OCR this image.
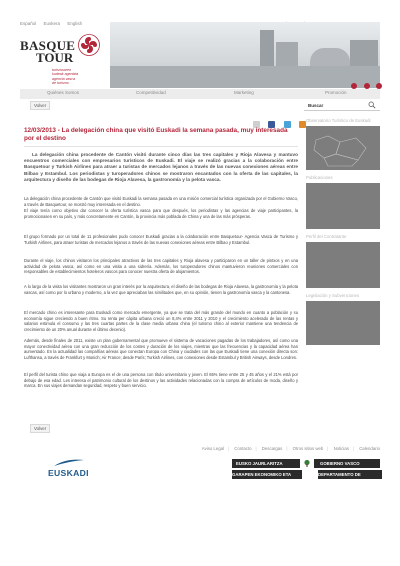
Español Euskera English
BASQUE
TOUR
turismoaren
kudeak agentzia
agencia vasca
de turismo

Quiénes Somos	Competitividad	Marketing	Promoción
Volver
	Buscar
Observatorio Turístico de Euskadi
Publicaciones
Perfil del Contratante
Legislación y Subvenciones
12/03/2013 - La delegación china que visitó Euskadi la semana pasada, muy interesada por el destino
La delegación china procedente de Cantón visitó durante cinco días las tres capitales y Rioja Alavesa y mantuvo encuentros comerciales con empresarios turísticos de Euskadi. El viaje se realizó gracias a la colaboración entre Basquetour y Turkish Airlines para atraer a turistas de mercados lejanos a través de las nuevas conexiones aéreas entre Bilbao y Estambul. Los periodistas y turoperadores chinos se mostraron encantados con la oferta de las capitales, la arquitectura y diseño de las bodegas de Rioja Alavesa, la gastronomía y la pelota vasca.
La delegación china procedente de Cantón que visitó Euskadi la semana pasada en una misión comercial turística organizada por el Gobierno Vasco, a través de Basquetour, se mostró muy interesada en el destino.
El viaje tenía como objetivo dar conocer la oferta turística vasca para que después, los periodistas y las agencias de viaje participantes, la promocionasen en su país, y más concretamente en Cantón, la provincia más poblada de China y una de las más prósperas.
El grupo formado por un total de 11 profesionales pudo conocer Euskadi gracias a la colaboración entre Basquetour- Agencia Vasca de Turismo y Turkish Airlines, para atraer turistas de mercados lejanos a través de las nuevas conexiones aéreas entre Bilbao y Estambul.
Durante el viaje, los chinos visitaron los principales atractivos de las tres capitales y Rioja alavesa y participaron en un taller de pintxos y en una actividad de pelota vasca, así como en una visita a una sidrería. Además, los turoperadores chinos mantuvieron reuniones comerciales con responsables de establecimientos hoteleros vascos para conocer nuestra oferta de alojamientos.
A lo largo de la visita los visitantes mostraron un gran interés por la arquitectura, el diseño de las bodegas de Rioja Alavesa, la gastronomía y la pelota vascas, así como por lo urbano y moderno, a la vez que apreciaban las similitudes que, en su opinión, tienen la gastronomía vasca y la cantonesa.
El mercado chino es interesante para Euskadi como mercado emergente, ya que se trata del más grande del mundo en cuanto a población y su economía sigue creciendo a buen ritmo. Su renta per cápita urbana creció un 8,4% entre 2011 y 2010 y el crecimiento acelerado de las rentas y salarios estimula el consumo y las tres cuartas partes de la clase media urbana china (el turismo chino al exterior mantiene una tendencia de crecimiento de un 20% anual durante el último decenio).
Además, desde finales de 2011, existe un plan gubernamental que promueve el sistema de vacaciones pagadas de los trabajadores, así como una mayor conectividad aérea con una gran reducción de los costes y duración de los viajes, mientras que las frecuencias y la capacidad aérea han aumentado. En la actualidad las compañías aéreas que conectan Europa con China y ciudades con las que Euskadi tiene una conexión directa son: Lufthansa, a través de Frankfurt y Munich; Air France; desde París; Turkish Airlines, con conexiones desde Estambul y British Airways, desde Londres.
El perfil del turista chino que viaja a Europa es el de una persona con título universitario y joven. El 65% tiene entre 25 y 45 años y el 21% está por debajo de esa edad. Les interesa el patrimonio cultural de los destinos y las actividades relacionadas con la compra de artículos de moda, diseño y marca. En sus viajes demandan seguridad, respeto y buen servicio.
Volver
Aviso Legal | Contacto | Descargas | Otros sitios web | Noticias | Calendario
EUSKADI
EUSKO JAURLARITZA	GOBIERNO VASCO
GARAPEN EKONOMIKO ETA LEHIAKORTASUN SAILA
DEPARTAMENTO DE DESARROLLO ECONÓMICO Y COMPETITIVIDAD
